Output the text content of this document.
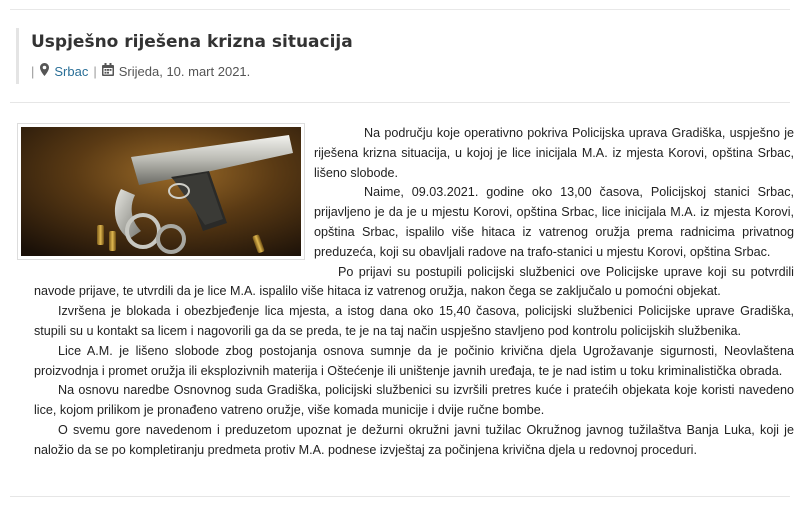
Uspješno riješena krizna situacija
| Srbac | Srijeda, 10. mart 2021.

Na području koje operativno pokriva Policijska uprava Gradiška, uspješno je riješena krizna situacija, u kojoj je lice inicijala M.A. iz mjesta Korovi, opština Srbac, lišeno slobode.

Naime, 09.03.2021. godine oko 13,00 časova, Policijskoj stanici Srbac, prijavljeno je da je u mjestu Korovi, opština Srbac, lice inicijala M.A. iz mjesta Korovi, opština Srbac, ispalilo više hitaca iz vatrenog oružja prema radnicima privatnog preduzeća, koji su obavljali radove na trafo-stanici u mjestu Korovi, opština Srbac.

Po prijavi su postupili policijski službenici ove Policijske uprave koji su potvrdili navode prijave, te utvrdili da je lice M.A. ispalilo više hitaca iz vatrenog oružja, nakon čega se zaključalo u pomoćni objekat.

Izvršena je blokada i obezbjeđenje lica mjesta, a istog dana oko 15,40 časova, policijski službenici Policijske uprave Gradiška, stupili su u kontakt sa licem i nagovorili ga da se preda, te je na taj način uspješno stavljeno pod kontrolu policijskih službenika.

Lice A.M. je lišeno slobode zbog postojanja osnova sumnje da je počinio krivična djela Ugrožavanje sigurnosti, Neovlaštena proizvodnja i promet oružja ili eksplozivnih materija i Oštećenje ili uništenje javnih uređaja, te je nad istim u toku kriminalistička obrada.

Na osnovu naredbe Osnovnog suda Gradiška, policijski službenici su izvršili pretres kuće i pratećih objekata koje koristi navedeno lice, kojom prilikom je pronađeno vatreno oružje, više komada municije i dvije ručne bombe.

O svemu gore navedenom i preduzetom upoznat je dežurni okružni javni tužilac Okružnog javnog tužilaštva Banja Luka, koji je naložio da se po kompletiranju predmeta protiv M.A. podnese izvještaj za počinjena krivična djela u redovnoj proceduri.
